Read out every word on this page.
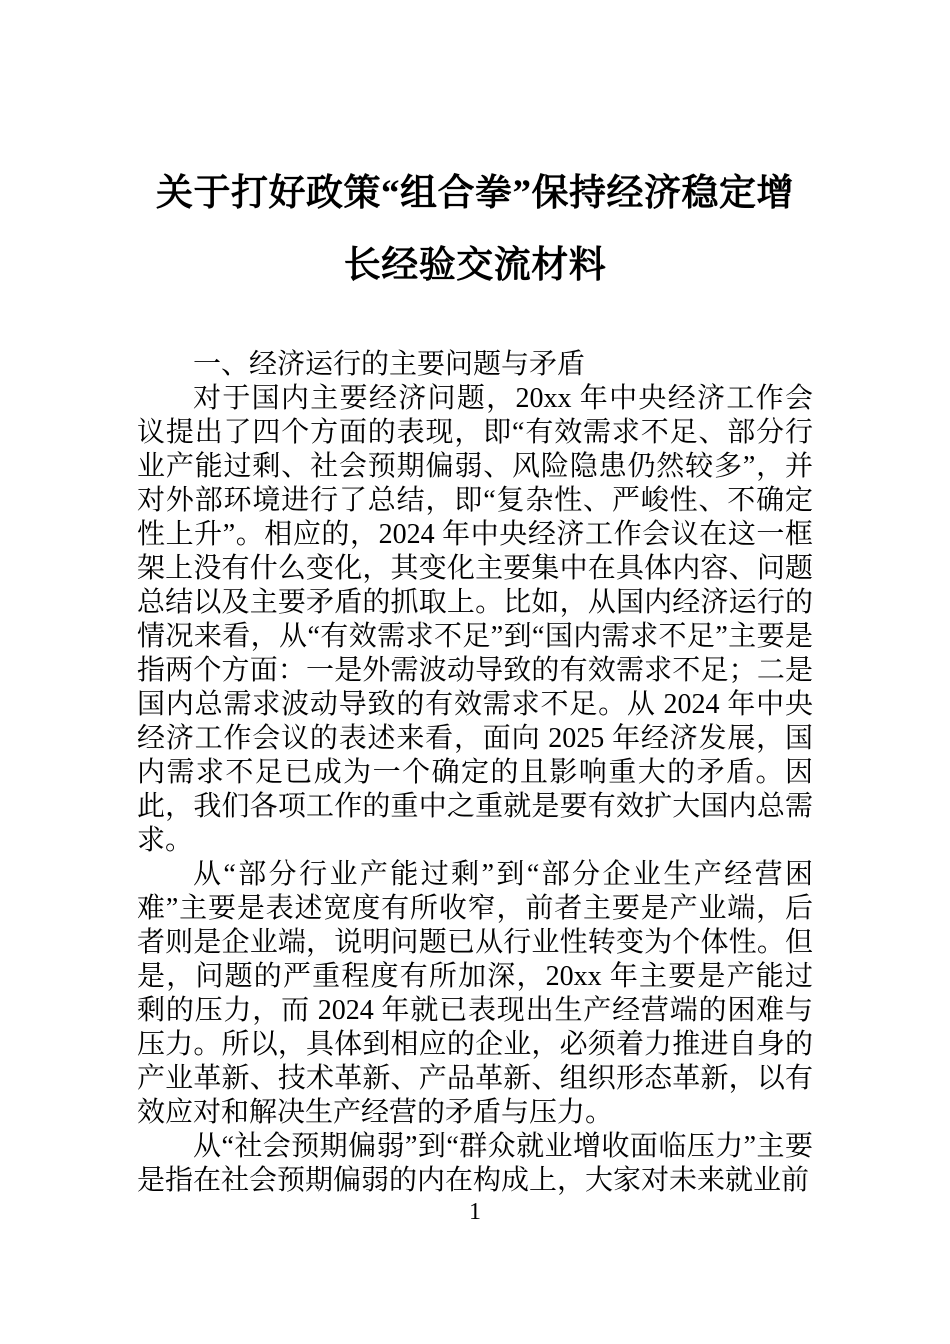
关于打好政策“组合拳”保持经济稳定增
长经验交流材料

一、经济运行的主要问题与矛盾

对于国内主要经济问题，20xx 年中央经济工作会议提出了四个方面的表现，即“有效需求不足、部分行业产能过剩、社会预期偏弱、风险隐患仍然较多”，并对外部环境进行了总结，即“复杂性、严峻性、不确定性上升”。相应的，2024 年中央经济工作会议在这一框架上没有什么变化，其变化主要集中在具体内容、问题总结以及主要矛盾的抓取上。比如，从国内经济运行的情况来看，从“有效需求不足”到“国内需求不足”主要是指两个方面：一是外需波动导致的有效需求不足；二是国内总需求波动导致的有效需求不足。从 2024 年中央经济工作会议的表述来看，面向 2025 年经济发展，国内需求不足已成为一个确定的且影响重大的矛盾。因此，我们各项工作的重中之重就是要有效扩大国内总需求。

从“部分行业产能过剩”到“部分企业生产经营困难”主要是表述宽度有所收窄，前者主要是产业端，后者则是企业端，说明问题已从行业性转变为个体性。但是，问题的严重程度有所加深，20xx 年主要是产能过剩的压力，而 2024 年就已表现出生产经营端的困难与压力。所以，具体到相应的企业，必须着力推进自身的产业革新、技术革新、产品革新、组织形态革新，以有效应对和解决生产经营的矛盾与压力。

从“社会预期偏弱”到“群众就业增收面临压力”主要是指在社会预期偏弱的内在构成上，大家对未来就业前

1
